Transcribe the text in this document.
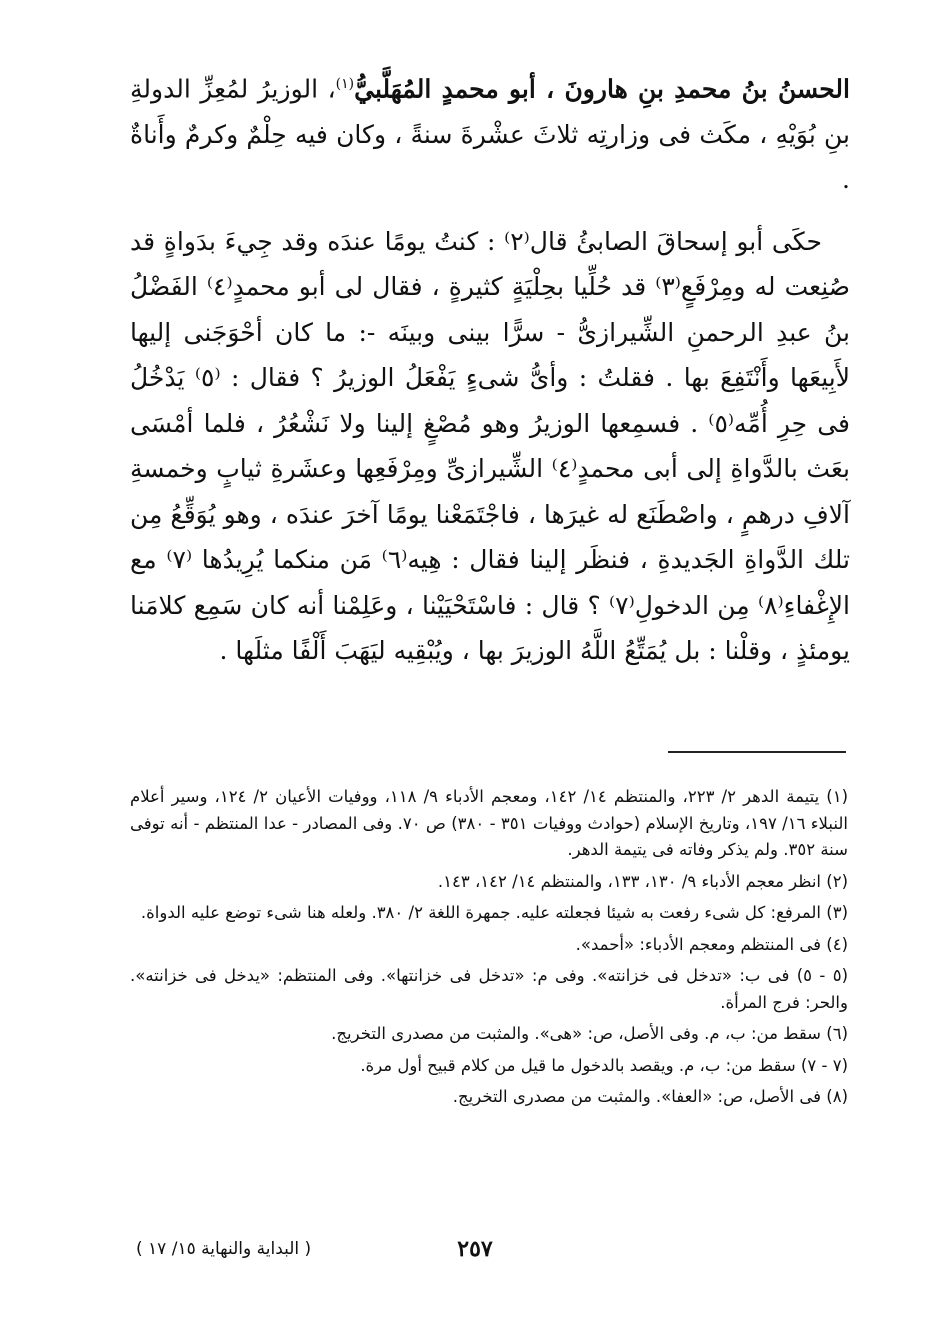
الحسنُ بنُ محمدِ بنِ هارونَ ، أبو محمدٍ المُهَلَّبيُّ$^{(١)}$، الوزيرُ لمُعِزِّ الدولةِ بنِ بُوَيْهِ ، مكَث فى وزارتِه ثلاثَ عشْرةَ سنةً ، وكان فيه حِلْمٌ وكرمٌ وأَناةٌ .

حكَى أبو إسحاقَ الصابئُ قال⁽٢⁾ : كنتُ يومًا عندَه وقد جِيءَ بدَواةٍ قد صُنِعت له ومِرْفَعٍ⁽٣⁾ قد حُلِّيا بحِلْيَةٍ كثيرةٍ ، فقال لى أبو محمدٍ⁽٤⁾ الفَضْلُ بنُ عبدِ الرحمنِ الشِّيرازىُّ - سرًّا بينى وبينَه -: ما كان أحْوَجَنى إليها لأَبِيعَها وأَنْتَفِعَ بها . فقلتُ : وأىُّ شىءٍ يَفْعَلُ الوزيرُ ؟ فقال : ⁽٥⁾ يَدْخُلُ فى حِرِ أُمِّه⁽٥⁾ . فسمِعها الوزيرُ وهو مُصْغٍ إلينا ولا نَشْعُرُ ، فلما أمْسَى بعَث بالدَّواةِ إلى أبى محمدٍ⁽٤⁾ الشِّيرازىِّ ومِرْفَعِها وعشَرةِ ثيابٍ وخمسةِ آلافِ درهمٍ ، واصْطَنَع له غيرَها ، فاجْتَمَعْنا يومًا آخرَ عندَه ، وهو يُوَقِّعُ مِن تلك الدَّواةِ الجَديدةِ ، فنظَر إلينا فقال : هِيه⁽٦⁾ مَن منكما يُرِيدُها ⁽٧⁾ مع الإِغْفاءِ⁽٨⁾ مِن الدخولِ⁽٧⁾ ؟ قال : فاسْتَحْيَيْنا ، وعَلِمْنا أنه كان سَمِع كلامَنا يومئذٍ ، وقلْنا : بل يُمَتِّعُ اللَّهُ الوزيرَ بها ، ويُبْقِيه ليَهَبَ أَلْفًا مثلَها .

(١) يتيمة الدهر ٢/ ٢٢٣، والمنتظم ١٤/ ١٤٢، ومعجم الأدباء ٩/ ١١٨، ووفيات الأعيان ٢/ ١٢٤، وسير أعلام النبلاء ١٦/ ١٩٧، وتاريخ الإسلام (حوادث ووفيات ٣٥١ - ٣٨٠) ص ٧٠. وفى المصادر - عدا المنتظم - أنه توفى سنة ٣٥٢. ولم يذكر وفاته فى يتيمة الدهر.

(٢) انظر معجم الأدباء ٩/ ١٣٠، ١٣٣، والمنتظم ١٤/ ١٤٢، ١٤٣.

(٣) المرفع: كل شىء رفعت به شيئا فجعلته عليه. جمهرة اللغة ٢/ ٣٨٠. ولعله هنا شىء توضع عليه الدواة.

(٤) فى المنتظم ومعجم الأدباء: «أحمد».

(٥ - ٥) فى ب: «تدخل فى خزانته». وفى م: «تدخل فى خزانتها». وفى المنتظم: «يدخل فى خزانته». والحر: فرج المرأة.

(٦) سقط من: ب، م. وفى الأصل، ص: «هى». والمثبت من مصدرى التخريج.

(٧ - ٧) سقط من: ب، م. ويقصد بالدخول ما قيل من كلام قبيح أول مرة.

(٨) فى الأصل، ص: «العفا». والمثبت من مصدرى التخريج.

٢٥٧
( البداية والنهاية ١٥/ ١٧ )
